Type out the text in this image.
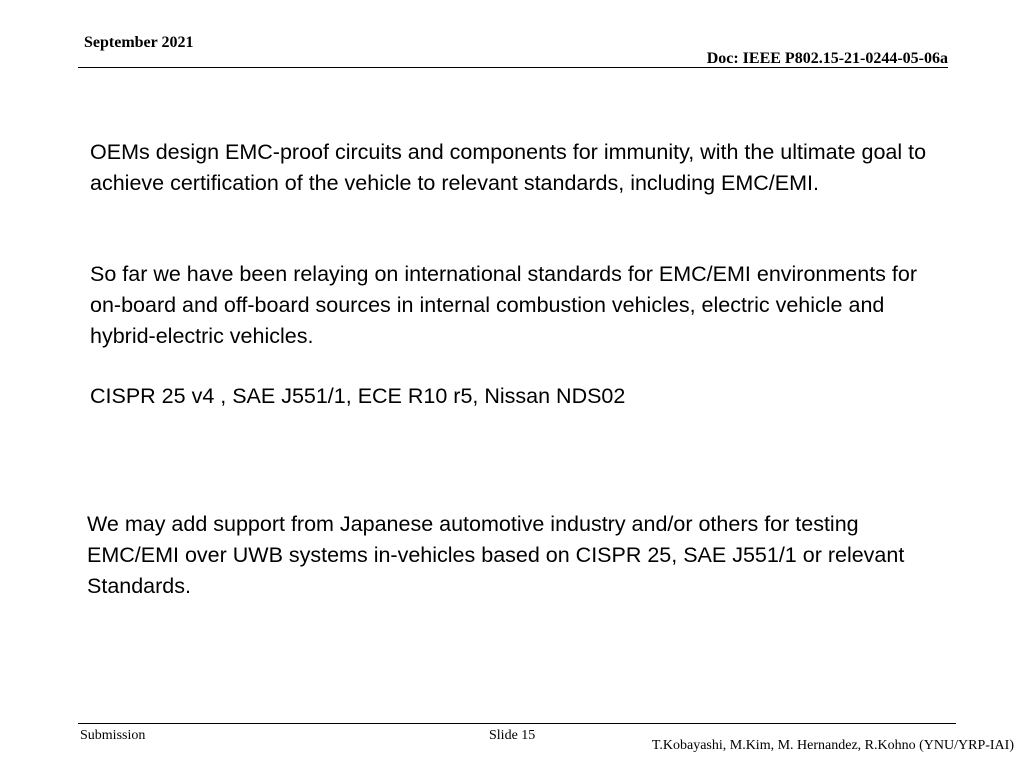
September 2021
Doc: IEEE P802.15-21-0244-05-06a

OEMs design EMC-proof circuits and components for immunity, with the ultimate goal to achieve certification of the vehicle to relevant standards, including EMC/EMI.

So far we have been relaying on international standards for EMC/EMI environments for on-board and off-board sources in internal combustion vehicles, electric vehicle and hybrid-electric vehicles.

CISPR 25 v4 , SAE J551/1, ECE R10 r5, Nissan NDS02

We may add support from Japanese automotive industry and/or others for testing EMC/EMI over UWB systems in-vehicles based on CISPR 25, SAE J551/1 or relevant Standards.

Submission	Slide 15
T.Kobayashi, M.Kim, M. Hernandez, R.Kohno (YNU/YRP-IAI)
